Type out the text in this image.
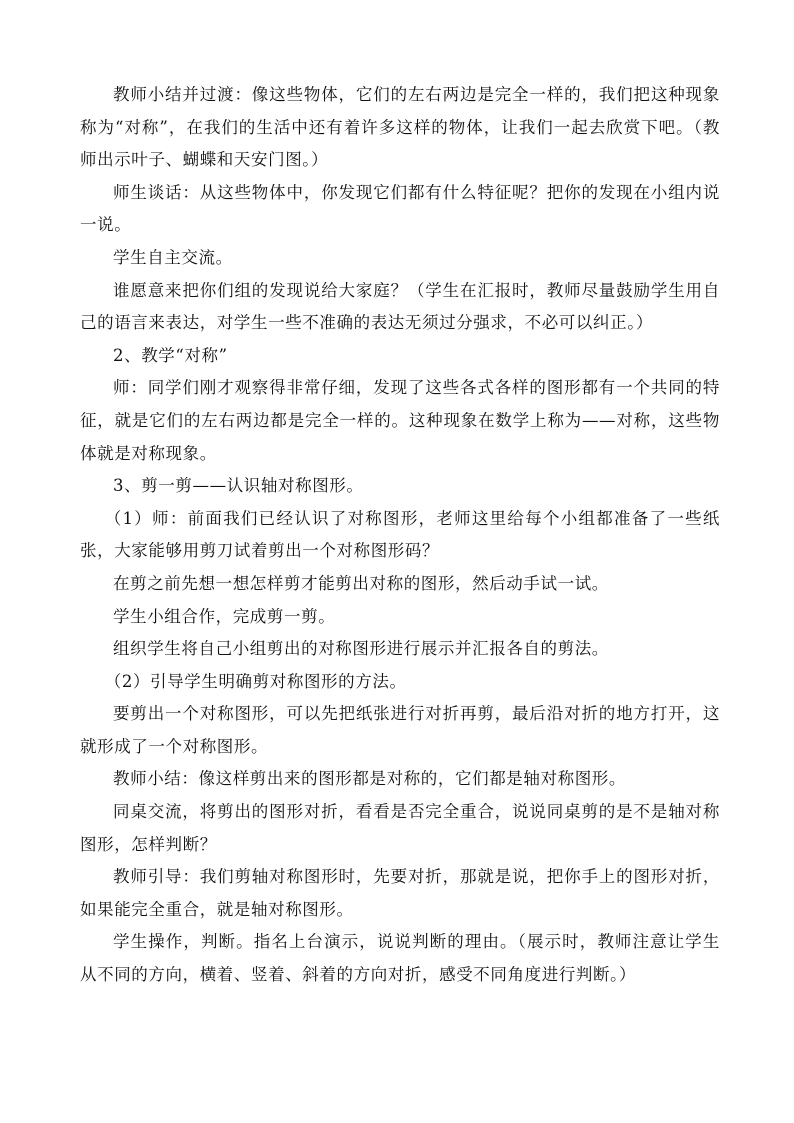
教师小结并过渡：像这些物体，它们的左右两边是完全一样的，我们把这种现象称为“对称”，在我们的生活中还有着许多这样的物体，让我们一起去欣赏下吧。（教师出示叶子、蝴蝶和天安门图。）

师生谈话：从这些物体中，你发现它们都有什么特征呢？把你的发现在小组内说一说。

学生自主交流。

谁愿意来把你们组的发现说给大家庭？（学生在汇报时，教师尽量鼓励学生用自己的语言来表达，对学生一些不准确的表达无须过分强求，不必可以纠正。）

2、教学“对称”

师：同学们刚才观察得非常仔细，发现了这些各式各样的图形都有一个共同的特征，就是它们的左右两边都是完全一样的。这种现象在数学上称为——对称，这些物体就是对称现象。

3、剪一剪——认识轴对称图形。

（1）师：前面我们已经认识了对称图形，老师这里给每个小组都准备了一些纸张，大家能够用剪刀试着剪出一个对称图形码？

在剪之前先想一想怎样剪才能剪出对称的图形，然后动手试一试。

学生小组合作，完成剪一剪。

组织学生将自己小组剪出的对称图形进行展示并汇报各自的剪法。

（2）引导学生明确剪对称图形的方法。

要剪出一个对称图形，可以先把纸张进行对折再剪，最后沿对折的地方打开，这就形成了一个对称图形。

教师小结：像这样剪出来的图形都是对称的，它们都是轴对称图形。

同桌交流，将剪出的图形对折，看看是否完全重合，说说同桌剪的是不是轴对称图形，怎样判断？

教师引导：我们剪轴对称图形时，先要对折，那就是说，把你手上的图形对折，如果能完全重合，就是轴对称图形。

学生操作，判断。指名上台演示，说说判断的理由。（展示时，教师注意让学生从不同的方向，横着、竖着、斜着的方向对折，感受不同角度进行判断。）
